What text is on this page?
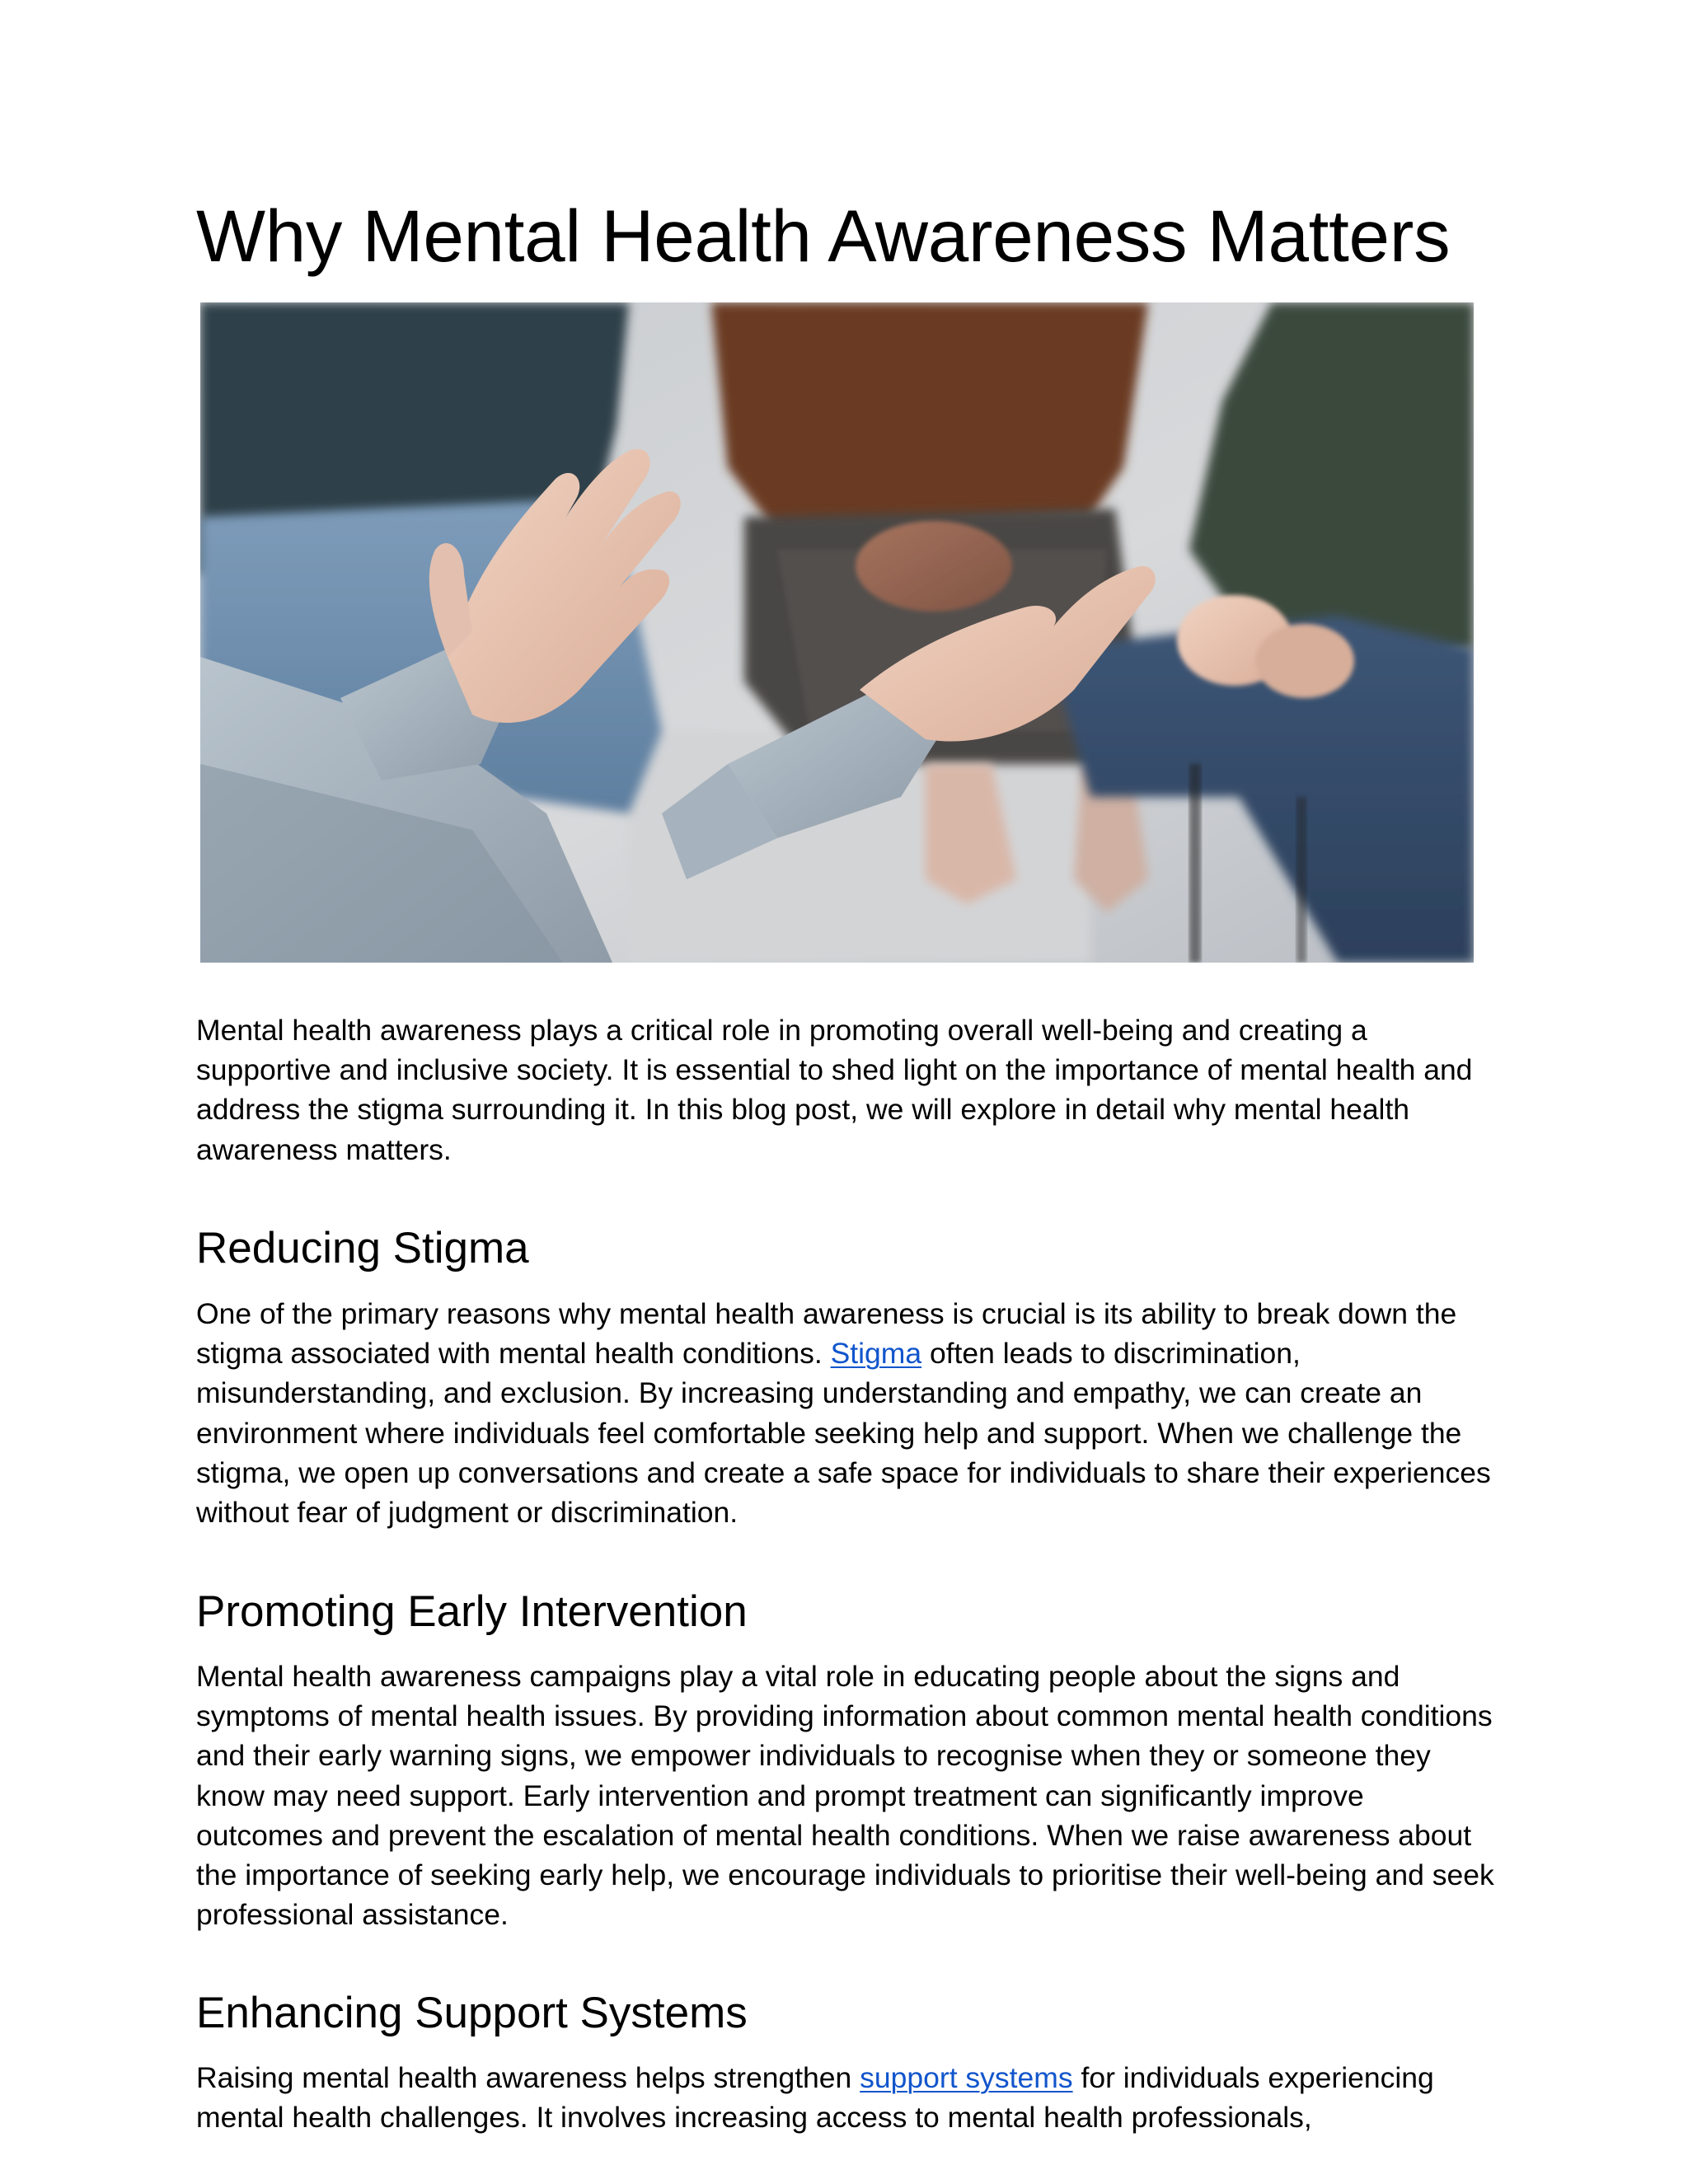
Why Mental Health Awareness Matters

Mental health awareness plays a critical role in promoting overall well-being and creating a supportive and inclusive society. It is essential to shed light on the importance of mental health and address the stigma surrounding it. In this blog post, we will explore in detail why mental health awareness matters.

Reducing Stigma

One of the primary reasons why mental health awareness is crucial is its ability to break down the stigma associated with mental health conditions. Stigma often leads to discrimination, misunderstanding, and exclusion. By increasing understanding and empathy, we can create an environment where individuals feel comfortable seeking help and support. When we challenge the stigma, we open up conversations and create a safe space for individuals to share their experiences without fear of judgment or discrimination.

Promoting Early Intervention

Mental health awareness campaigns play a vital role in educating people about the signs and symptoms of mental health issues. By providing information about common mental health conditions and their early warning signs, we empower individuals to recognise when they or someone they know may need support. Early intervention and prompt treatment can significantly improve outcomes and prevent the escalation of mental health conditions. When we raise awareness about the importance of seeking early help, we encourage individuals to prioritise their well-being and seek professional assistance.

Enhancing Support Systems

Raising mental health awareness helps strengthen support systems for individuals experiencing mental health challenges. It involves increasing access to mental health professionals,
